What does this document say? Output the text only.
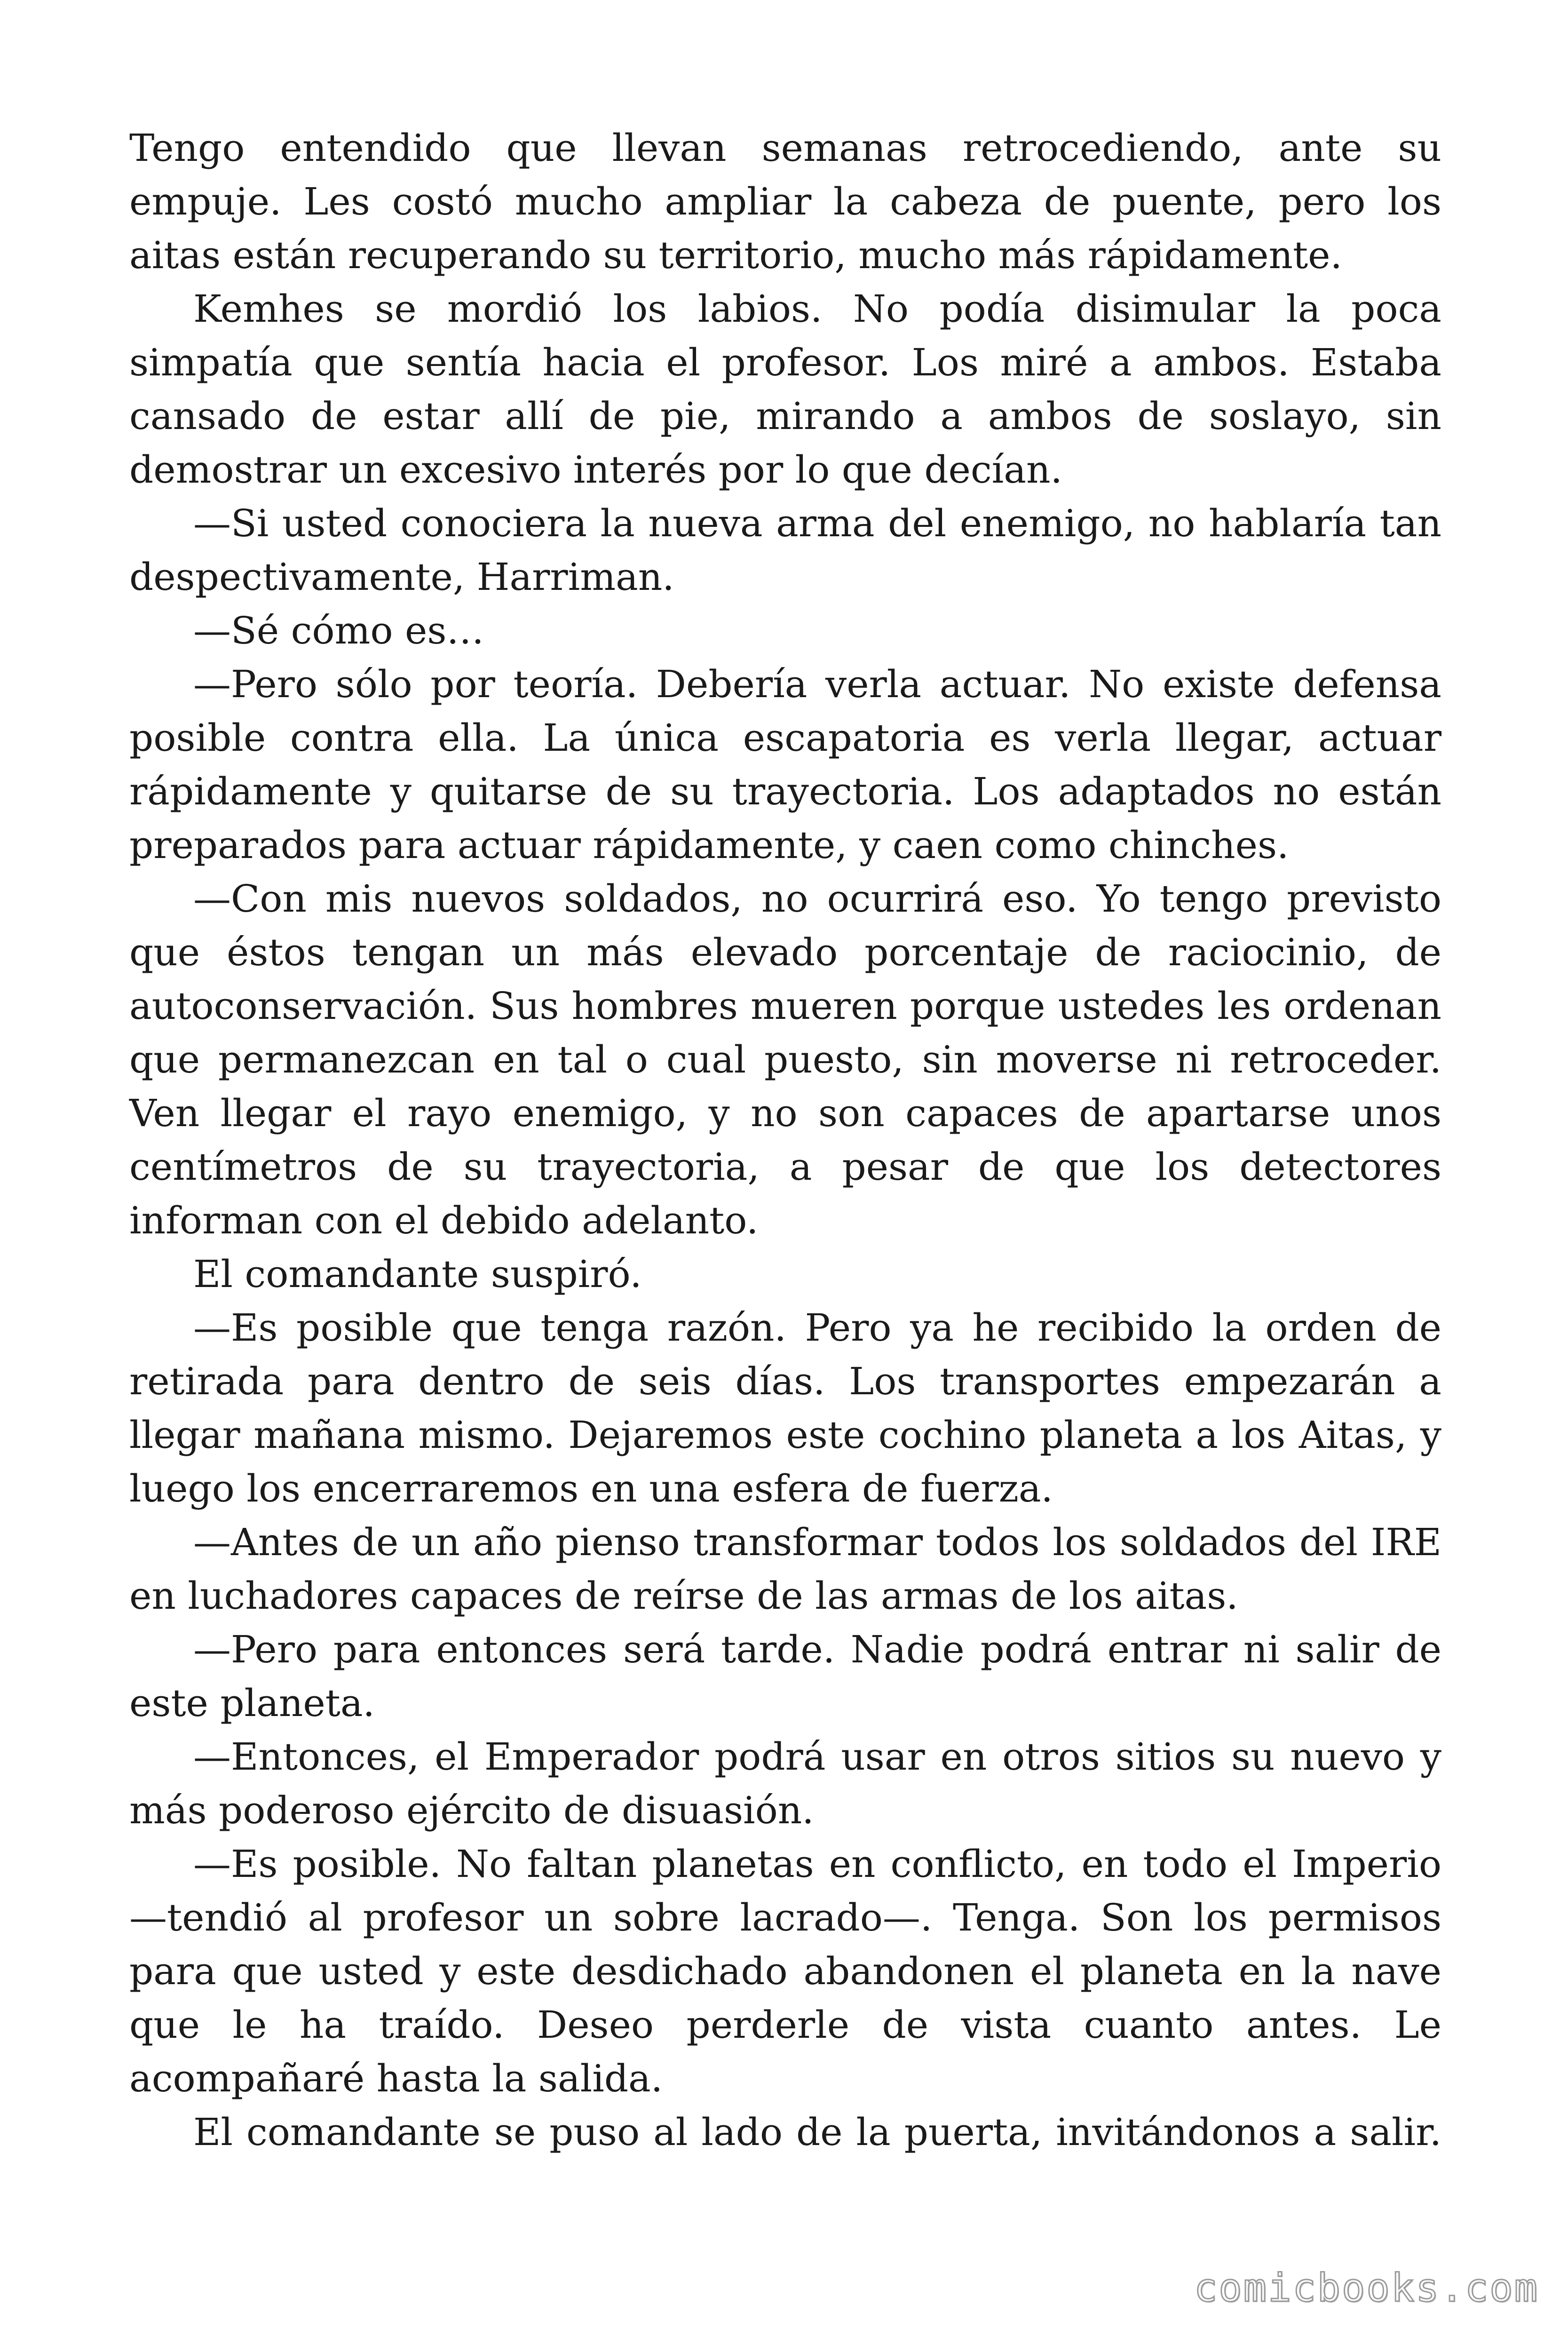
Tengo entendido que llevan semanas retrocediendo, ante su empuje. Les costó mucho ampliar la cabeza de puente, pero los aitas están recuperando su territorio, mucho más rápidamente.

Kemhes se mordió los labios. No podía disimular la poca simpatía que sentía hacia el profesor. Los miré a ambos. Estaba cansado de estar allí de pie, mirando a ambos de soslayo, sin demostrar un excesivo interés por lo que decían.

—Si usted conociera la nueva arma del enemigo, no hablaría tan despectivamente, Harriman.

—Sé cómo es…

—Pero sólo por teoría. Debería verla actuar. No existe defensa posible contra ella. La única escapatoria es verla llegar, actuar rápidamente y quitarse de su trayectoria. Los adaptados no están preparados para actuar rápidamente, y caen como chinches.

—Con mis nuevos soldados, no ocurrirá eso. Yo tengo previsto que éstos tengan un más elevado porcentaje de raciocinio, de autoconservación. Sus hombres mueren porque ustedes les ordenan que permanezcan en tal o cual puesto, sin moverse ni retroceder. Ven llegar el rayo enemigo, y no son capaces de apartarse unos centímetros de su trayectoria, a pesar de que los detectores informan con el debido adelanto.

El comandante suspiró.

—Es posible que tenga razón. Pero ya he recibido la orden de retirada para dentro de seis días. Los transportes empezarán a llegar mañana mismo. Dejaremos este cochino planeta a los Aitas, y luego los encerraremos en una esfera de fuerza.

—Antes de un año pienso transformar todos los soldados del IRE en luchadores capaces de reírse de las armas de los aitas.

—Pero para entonces será tarde. Nadie podrá entrar ni salir de este planeta.

—Entonces, el Emperador podrá usar en otros sitios su nuevo y más poderoso ejército de disuasión.

—Es posible. No faltan planetas en conflicto, en todo el Imperio —tendió al profesor un sobre lacrado—. Tenga. Son los permisos para que usted y este desdichado abandonen el planeta en la nave que le ha traído. Deseo perderle de vista cuanto antes. Le acompañaré hasta la salida.

El comandante se puso al lado de la puerta, invitándonos a salir.

comicbooks.com
